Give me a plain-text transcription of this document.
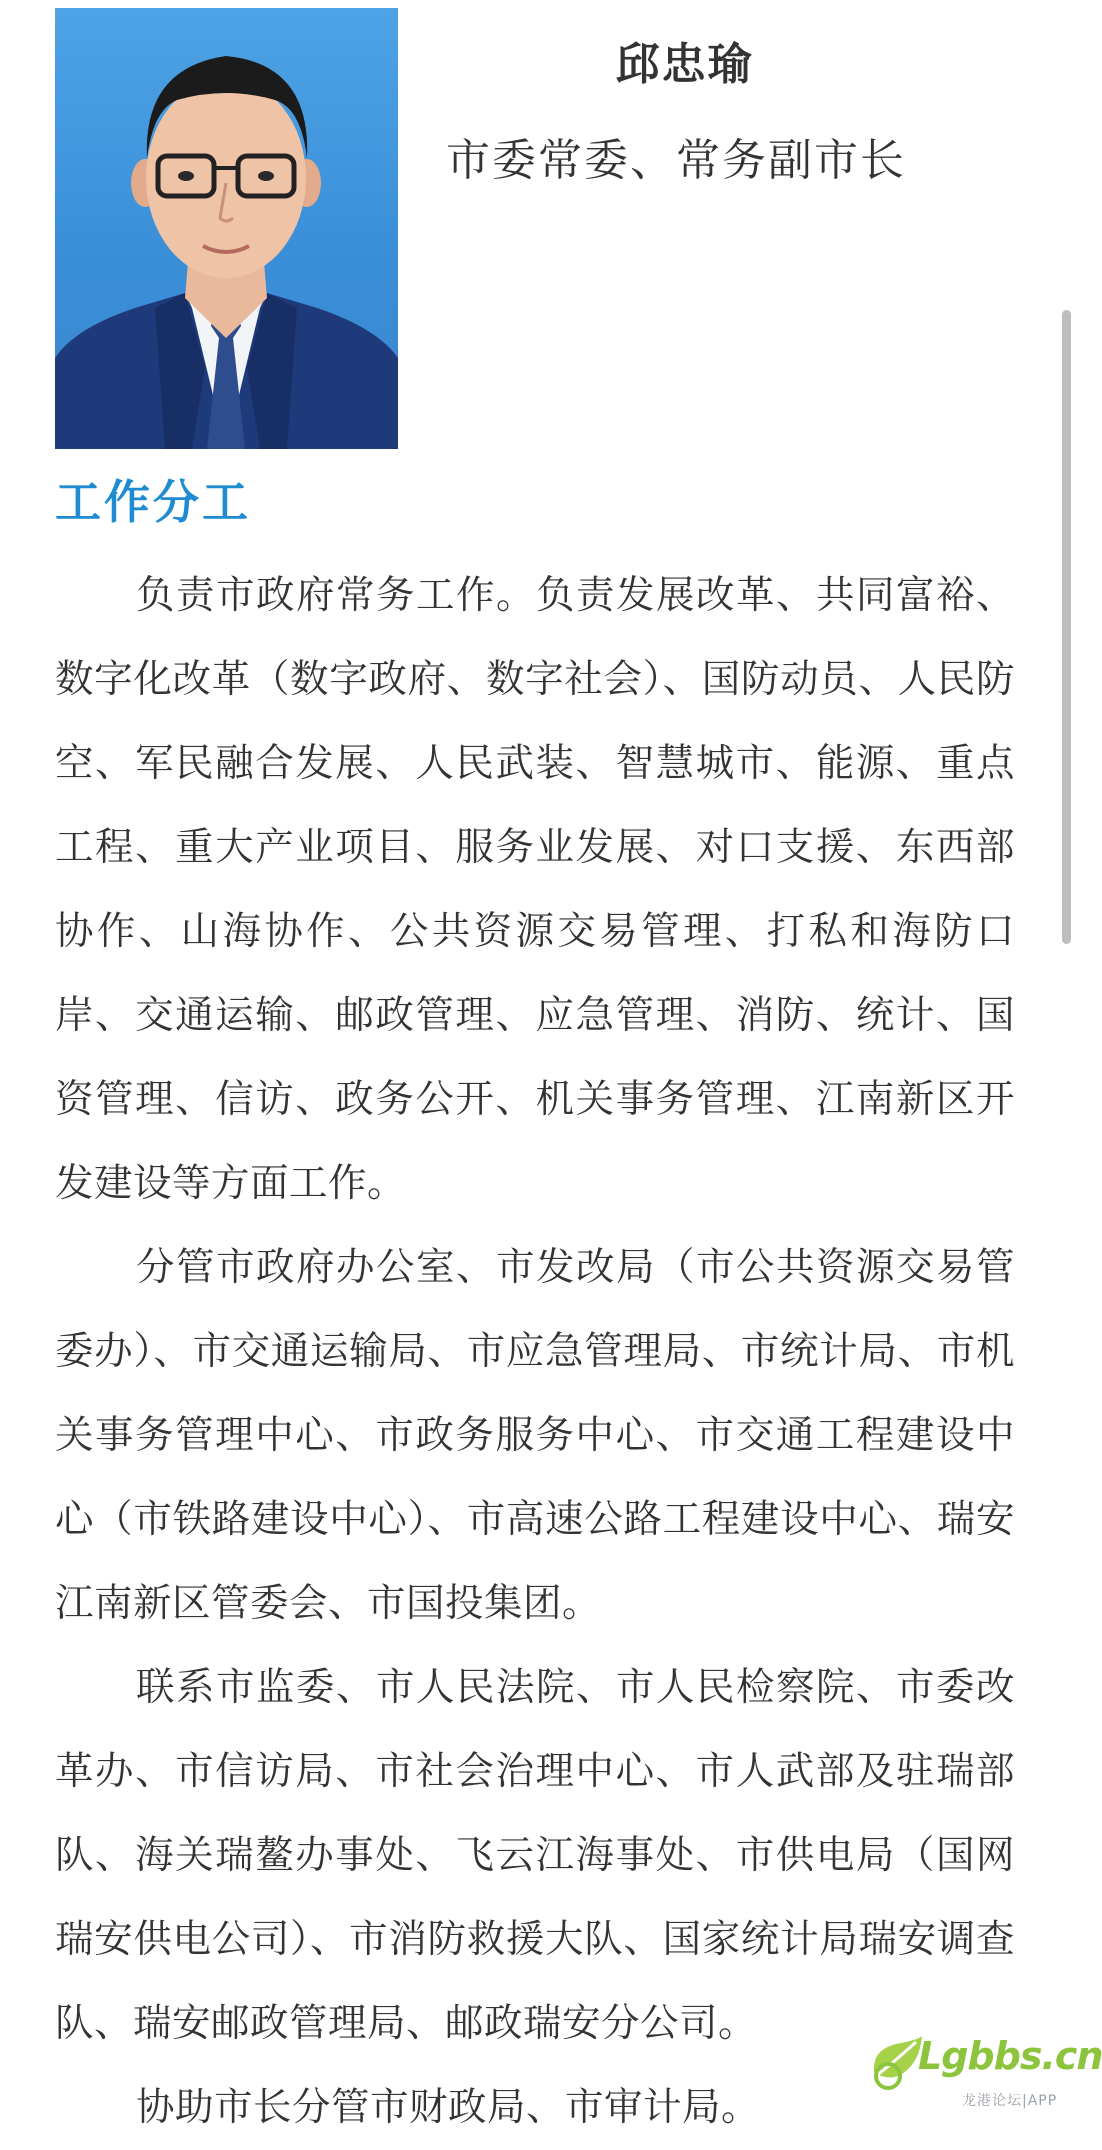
邱忠瑜
市委常委、常务副市长
工作分工

负责市政府常务工作。负责发展改革、共同富裕、数字化改革（数字政府、数字社会）、国防动员、人民防空、军民融合发展、人民武装、智慧城市、能源、重点工程、重大产业项目、服务业发展、对口支援、东西部协作、山海协作、公共资源交易管理、打私和海防口岸、交通运输、邮政管理、应急管理、消防、统计、国资管理、信访、政务公开、机关事务管理、江南新区开发建设等方面工作。

分管市政府办公室、市发改局（市公共资源交易管委办）、市交通运输局、市应急管理局、市统计局、市机关事务管理中心、市政务服务中心、市交通工程建设中心（市铁路建设中心）、市高速公路工程建设中心、瑞安江南新区管委会、市国投集团。

联系市监委、市人民法院、市人民检察院、市委改革办、市信访局、市社会治理中心、市人武部及驻瑞部队、海关瑞鳌办事处、飞云江海事处、市供电局（国网瑞安供电公司）、市消防救援大队、国家统计局瑞安调查队、瑞安邮政管理局、邮政瑞安分公司。

协助市长分管市财政局、市审计局。

Lgbbs.cn
龙港论坛|APP
